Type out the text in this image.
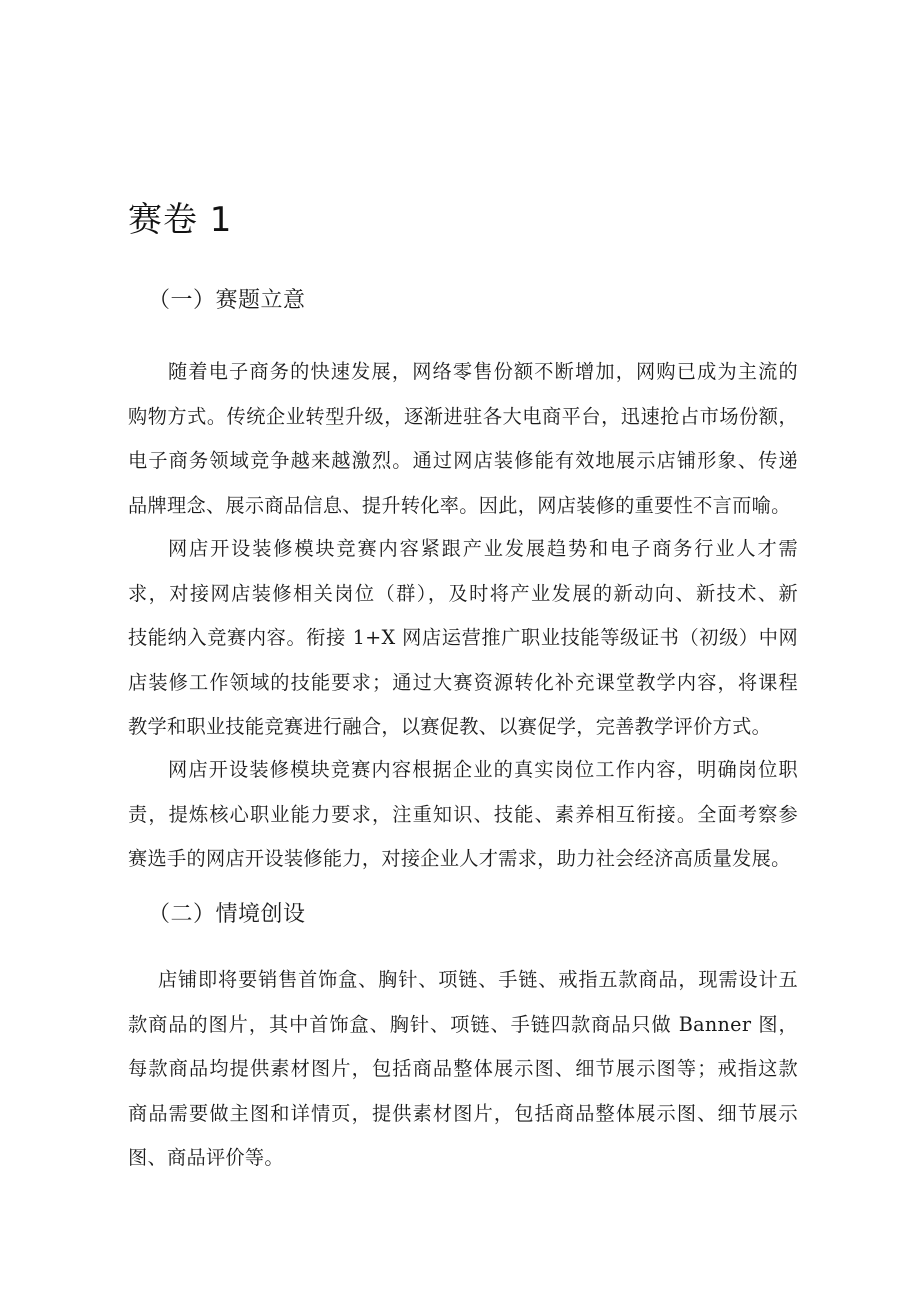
赛卷 1
（一）赛题立意

随着电子商务的快速发展，网络零售份额不断增加，网购已成为主流的
购物方式。传统企业转型升级，逐渐进驻各大电商平台，迅速抢占市场份额，
电子商务领域竞争越来越激烈。通过网店装修能有效地展示店铺形象、传递
品牌理念、展示商品信息、提升转化率。因此，网店装修的重要性不言而喻。

网店开设装修模块竞赛内容紧跟产业发展趋势和电子商务行业人才需
求，对接网店装修相关岗位（群），及时将产业发展的新动向、新技术、新
技能纳入竞赛内容。衔接 1+X 网店运营推广职业技能等级证书（初级）中网
店装修工作领域的技能要求；通过大赛资源转化补充课堂教学内容，将课程
教学和职业技能竞赛进行融合，以赛促教、以赛促学，完善教学评价方式。

网店开设装修模块竞赛内容根据企业的真实岗位工作内容，明确岗位职
责，提炼核心职业能力要求，注重知识、技能、素养相互衔接。全面考察参
赛选手的网店开设装修能力，对接企业人才需求，助力社会经济高质量发展。

（二）情境创设

店铺即将要销售首饰盒、胸针、项链、手链、戒指五款商品，现需设计五
款商品的图片，其中首饰盒、胸针、项链、手链四款商品只做 Banner 图，
每款商品均提供素材图片，包括商品整体展示图、细节展示图等；戒指这款
商品需要做主图和详情页，提供素材图片，包括商品整体展示图、细节展示
图、商品评价等。
